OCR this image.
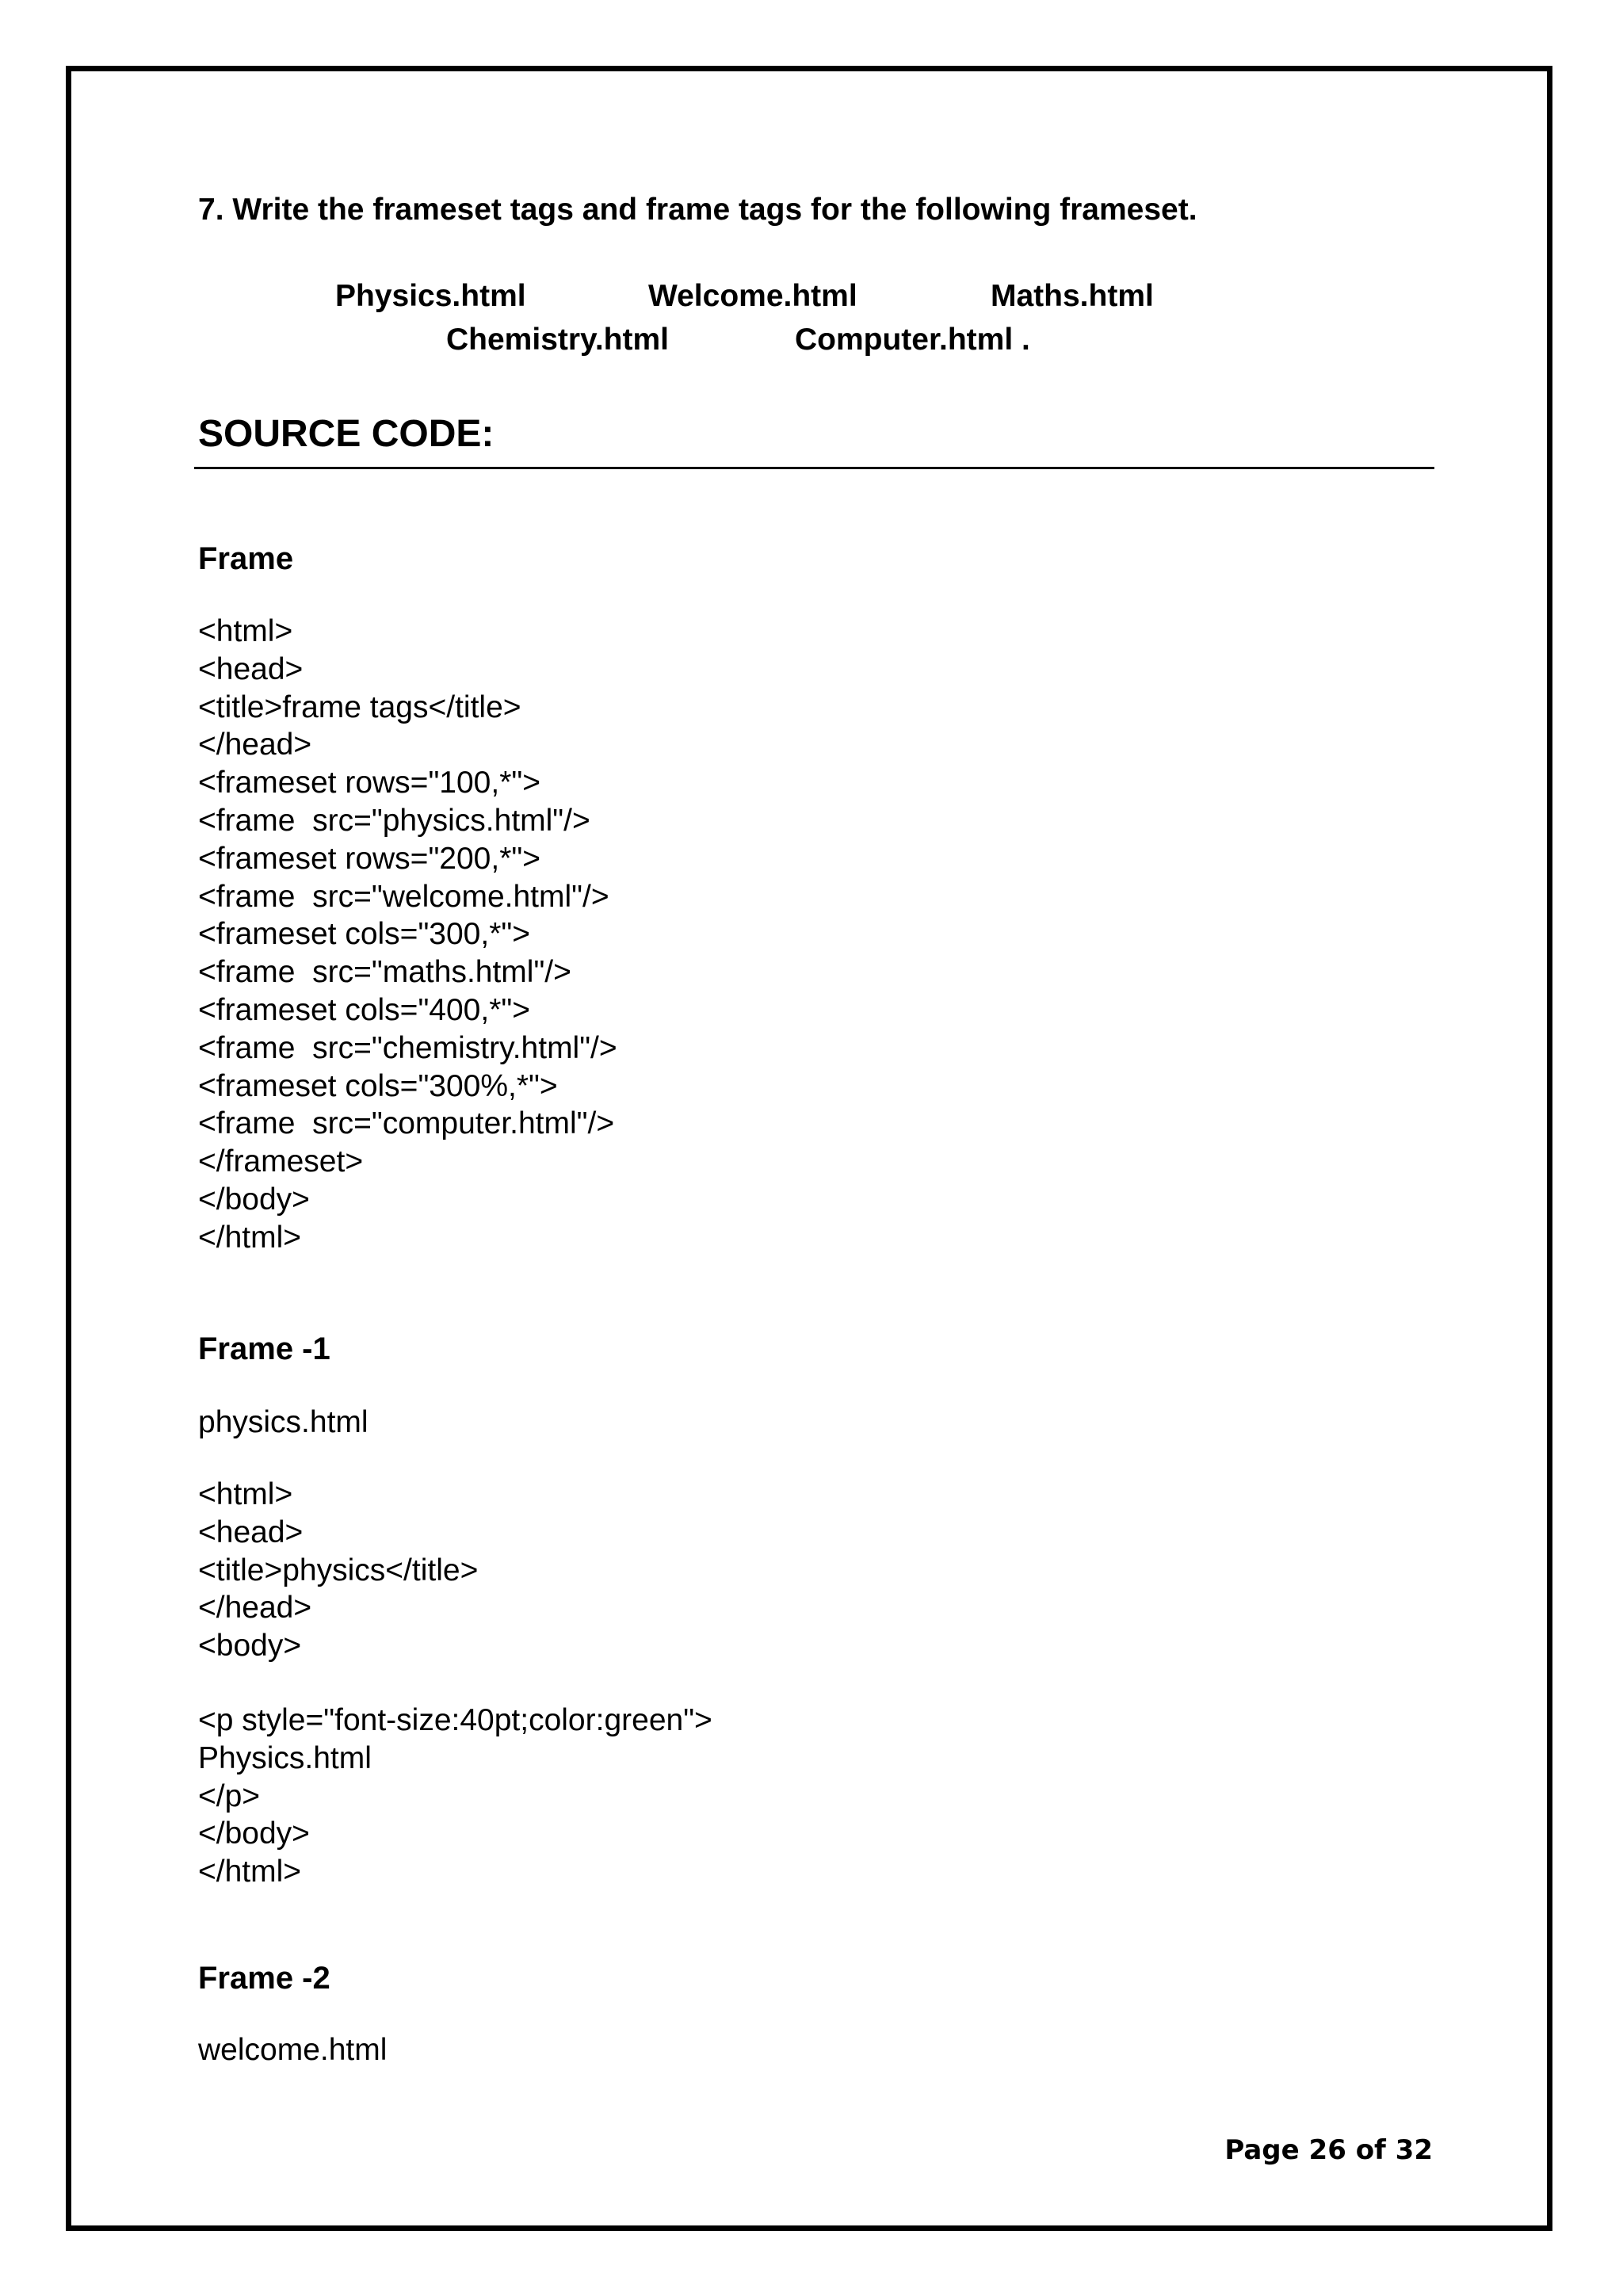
7. Write the frameset tags and frame tags for the following frameset.
Physics.html	Welcome.html	Maths.html
Chemistry.html	Computer.html .
SOURCE CODE:
Frame
<html>
<head>
<title>frame tags</title>
</head>
<frameset rows="100,*">
<frame  src="physics.html"/>
<frameset rows="200,*">
<frame  src="welcome.html"/>
<frameset cols="300,*">
<frame  src="maths.html"/>
<frameset cols="400,*">
<frame  src="chemistry.html"/>
<frameset cols="300%,*">
<frame  src="computer.html"/>
</frameset>
</body>
</html>
Frame -1
physics.html
<html>
<head>
<title>physics</title>
</head>
<body>
<p style="font-size:40pt;color:green">
Physics.html
</p>
</body>
</html>
Frame -2
welcome.html
Page 26 of 32
